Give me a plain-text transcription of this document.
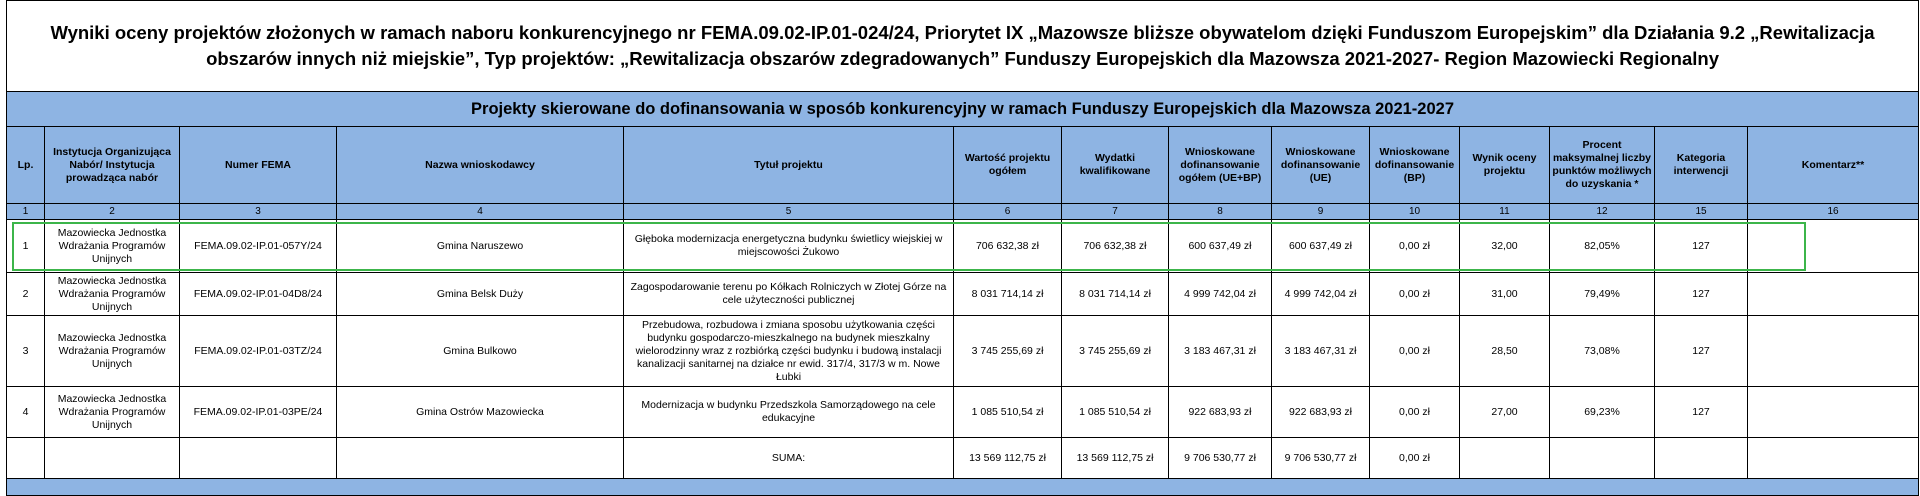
Wyniki oceny projektów złożonych w ramach naboru konkurencyjnego nr FEMA.09.02-IP.01-024/24, Priorytet IX „Mazowsze bliższe obywatelom dzięki Funduszom Europejskim” dla Działania 9.2 „Rewitalizacja obszarów innych niż miejskie”, Typ projektów: „Rewitalizacja obszarów zdegradowanych” Funduszy Europejskich dla Mazowsza 2021-2027- Region Mazowiecki Regionalny													
Projekty skierowane do dofinansowania w sposób konkurencyjny w ramach Funduszy Europejskich dla Mazowsza 2021-2027													
Lp.	Instytucja Organizująca Nabór/ Instytucja prowadząca nabór	Numer FEMA	Nazwa wnioskodawcy	Tytuł projektu	Wartość projektu ogółem	Wydatki kwalifikowane	Wnioskowane dofinansowanie ogółem (UE+BP)	Wnioskowane dofinansowanie (UE)	Wnioskowane dofinansowanie (BP)	Wynik oceny projektu	Procent maksymalnej liczby punktów możliwych do uzyskania *	Kategoria interwencji	Komentarz**
1	2	3	4	5	6	7	8	9	10	11	12	15	16
1	Mazowiecka Jednostka Wdrażania Programów Unijnych	FEMA.09.02-IP.01-057Y/24	Gmina Naruszewo	Głęboka modernizacja energetyczna budynku świetlicy wiejskiej w miejscowości Żukowo	706 632,38 zł	706 632,38 zł	600 637,49 zł	600 637,49 zł	0,00 zł	32,00	82,05%	127	
2	Mazowiecka Jednostka Wdrażania Programów Unijnych	FEMA.09.02-IP.01-04D8/24	Gmina Belsk Duży	Zagospodarowanie terenu po Kółkach Rolniczych w Złotej Górze na cele użyteczności publicznej	8 031 714,14 zł	8 031 714,14 zł	4 999 742,04 zł	4 999 742,04 zł	0,00 zł	31,00	79,49%	127	
3	Mazowiecka Jednostka Wdrażania Programów Unijnych	FEMA.09.02-IP.01-03TZ/24	Gmina Bulkowo	Przebudowa, rozbudowa i zmiana sposobu użytkowania części budynku gospodarczo-mieszkalnego na budynek mieszkalny wielorodzinny wraz z rozbiórką części budynku i budową instalacji kanalizacji sanitarnej na działce nr ewid. 317/4, 317/3 w m. Nowe Łubki	3 745 255,69 zł	3 745 255,69 zł	3 183 467,31 zł	3 183 467,31 zł	0,00 zł	28,50	73,08%	127	
4	Mazowiecka Jednostka Wdrażania Programów Unijnych	FEMA.09.02-IP.01-03PE/24	Gmina Ostrów Mazowiecka	Modernizacja w budynku Przedszkola Samorządowego na cele edukacyjne	1 085 510,54 zł	1 085 510,54 zł	922 683,93 zł	922 683,93 zł	0,00 zł	27,00	69,23%	127	
				SUMA:	13 569 112,75 zł	13 569 112,75 zł	9 706 530,77 zł	9 706 530,77 zł	0,00 zł				
